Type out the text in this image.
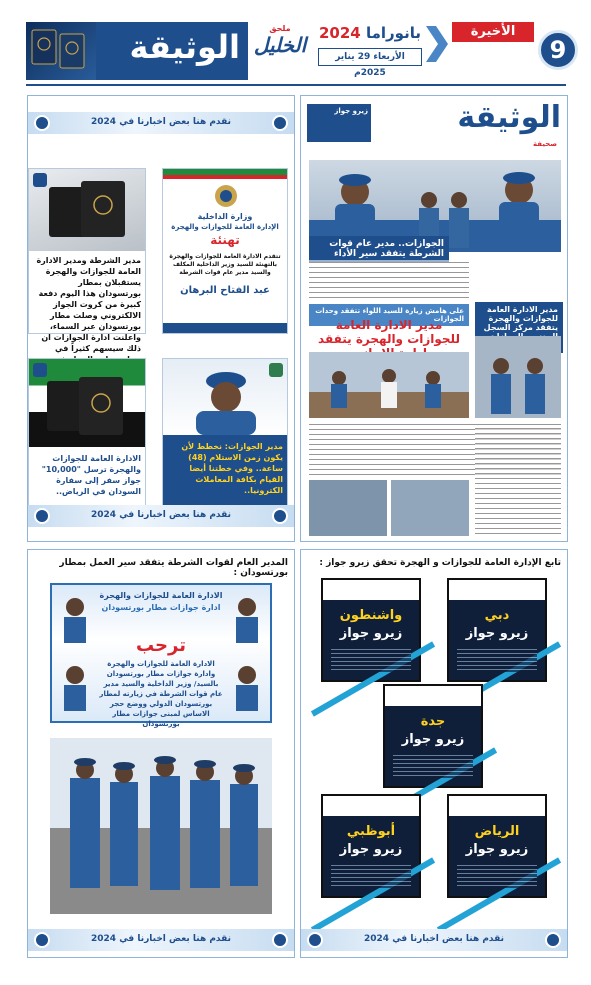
9
الأخيرة
2024 بانوراما
الأربعاء 29 يناير 2025م
ملحق
الخليل
الوثيقة
نقدم هنا بعض اخبارنا في 2024
وزارة الداخلية
الإدارة العامة للجوازات والهجرة
تهنئة
تتقدم الادارة العامة للجوازات والهجرة بالتهنئة للسيد وزير الداخلية المكلف والسيد مدير عام قوات الشرطة
عبد الفتاح البرهان
مدير الشرطة ومدير الادارة العامة للجوازات والهجرة يستقبلان بمطار بورتسودان هذا اليوم دفعة كبيرة من كروت الجواز الالكتروني وصلت مطار بورتسودان عبر السماء، واعلنت ادارة الجوازات ان ذلك سيسهم كثيراً في
مدير الجوازات: نخطط لأن يكون زمن الاستلام (48) ساعة.. وفي خطتنا أيضا القيام بكافة المعاملات الكترونيا..
الادارة العامة للجوازات والهجرة ترسل "10,000" جواز سفر إلى سفارة السودان في الرياض..
نقدم هنا بعض اخبارنا في 2024
الوثيقة
صحيفة
زيرو جواز
الجوازات.. مدير عام قوات الشرطة يتفقد سير الأداء
مدير الادارة العامة للجوازات والهجرة يتفقد مركز السجل
على هامش زيارة للسيد اللواء تتفقد وحدات الجوازات
مدير الادارة العامة للجوازات والهجرة يتفقد
المدير العام لقوات الشرطة يتفقد سير العمل بمطار بورتسودان :
الادارة العامة للجوازات والهجرة
ادارة جوازات مطار بورتسودان
ترحب
الادارة العامة للجوازات والهجرة وادارة جوازات مطار بورتسودان بالسيد/ وزير الداخلية والسيد مدير عام قوات الشرطة في زيارته لمطار بورتسودان الدولي ووضع حجر الاساس لمبنى جوازات مطار بورتسودان
نقدم هنا بعض اخبارنا في 2024
تابع الإدارة العامة للجوازات و الهجرة تحقق زيرو جواز :
دبي
زيرو جواز
واشنطون
زيرو جواز
جدة
زيرو جواز
الرياض
زيرو جواز
أبوظبي
زيرو جواز
نقدم هنا بعض اخبارنا في 2024
